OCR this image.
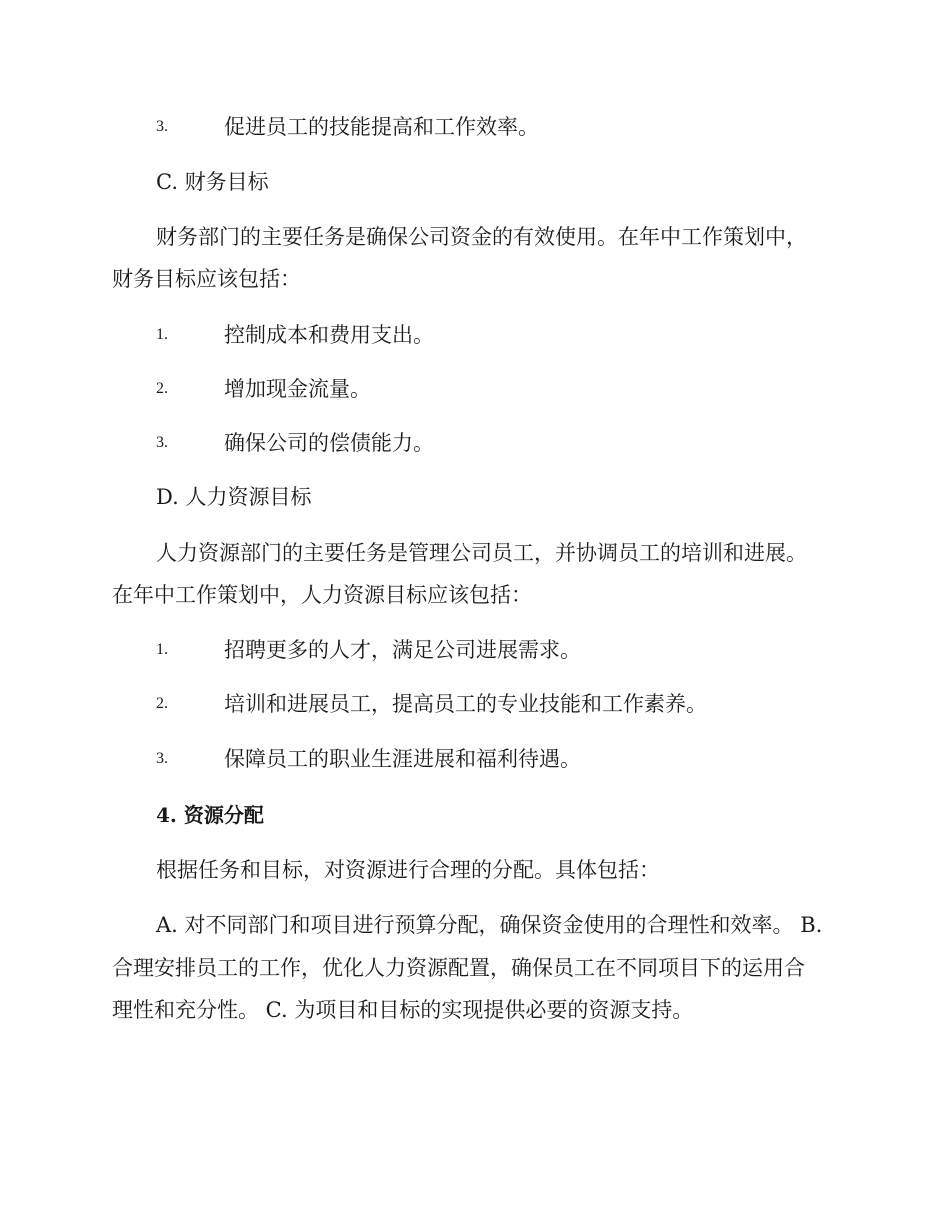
3.	促进员工的技能提高和工作效率。
C. 财务目标
财务部门的主要任务是确保公司资金的有效使用。在年中工作策划中，
财务目标应该包括：
1.	控制成本和费用支出。
2.	增加现金流量。
3.	确保公司的偿债能力。
D. 人力资源目标
人力资源部门的主要任务是管理公司员工，并协调员工的培训和进展。
在年中工作策划中，人力资源目标应该包括：
1.	招聘更多的人才，满足公司进展需求。
2.	培训和进展员工，提高员工的专业技能和工作素养。
3.	保障员工的职业生涯进展和福利待遇。
4. 资源分配
根据任务和目标，对资源进行合理的分配。具体包括：
A. 对不同部门和项目进行预算分配，确保资金使用的合理性和效率。 B.
合理安排员工的工作，优化人力资源配置，确保员工在不同项目下的运用合
理性和充分性。 C. 为项目和目标的实现提供必要的资源支持。
